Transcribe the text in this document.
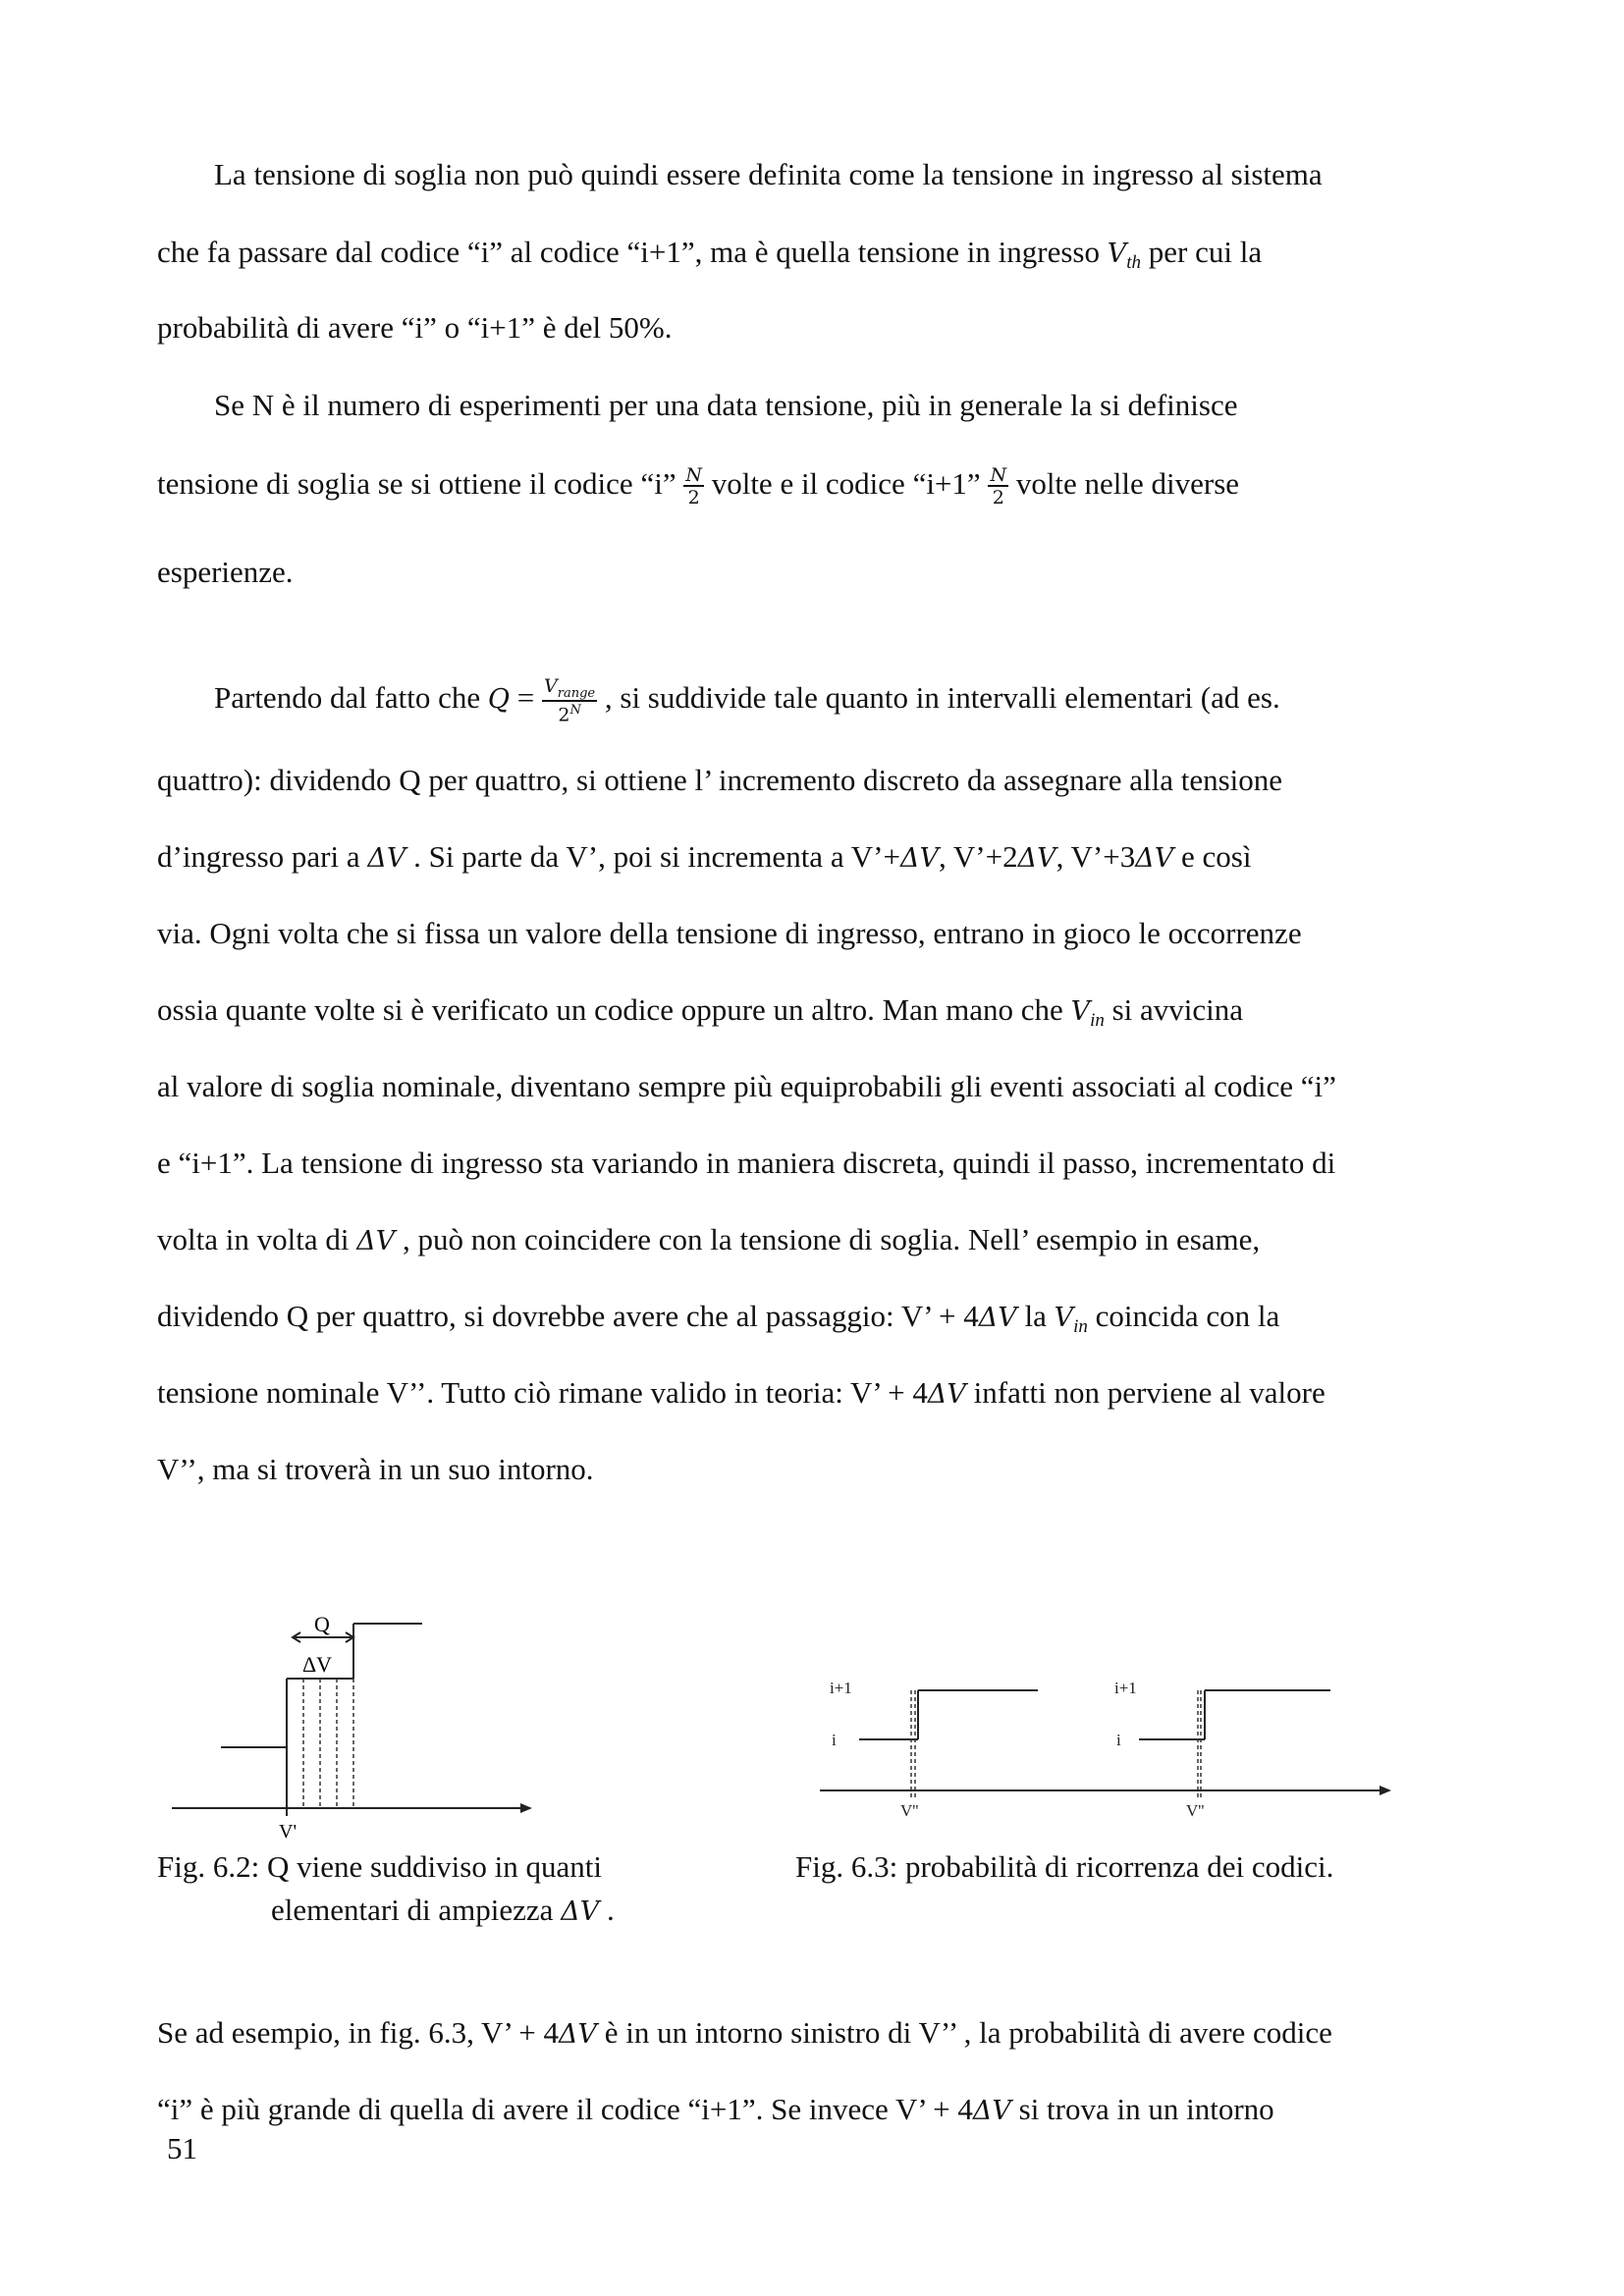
La tensione di soglia non può quindi essere definita come la tensione in ingresso al sistema
che fa passare dal codice “i” al codice “i+1”, ma è quella tensione in ingresso $V_{th}$ per cui la
probabilità di avere “i” o “i+1” è del 50%.
Se N è il numero di esperimenti per una data tensione, più in generale la si definisce
tensione di soglia se si ottiene il codice “i” $\frac{N}{2}$ volte e il codice “i+1” $\frac{N}{2}$ volte nelle diverse
esperienze.
Partendo dal fatto che $Q = \frac{V_{range}}{2^N}$ , si suddivide tale quanto in intervalli elementari (ad es.
quattro): dividendo Q per quattro, si ottiene l’ incremento discreto da assegnare alla tensione
d’ingresso pari a ΔV . Si parte da V’, poi si incrementa a V’+ΔV, V’+2ΔV, V’+3ΔV e così
via. Ogni volta che si fissa un valore della tensione di ingresso, entrano in gioco le occorrenze
ossia quante volte si è verificato un codice oppure un altro. Man mano che $V_{in}$ si avvicina
al valore di soglia nominale, diventano sempre più equiprobabili gli eventi associati al codice “i”
e “i+1”. La tensione di ingresso sta variando in maniera discreta, quindi il passo, incrementato di
volta in volta di ΔV , può non coincidere con la tensione di soglia. Nell’ esempio in esame,
dividendo Q per quattro, si dovrebbe avere che al passaggio: V’ + 4ΔV la $V_{in}$ coincida con la
tensione nominale V’’. Tutto ciò rimane valido in teoria: V’ + 4ΔV infatti non perviene al valore
V’’, ma si troverà in un suo intorno.
Q
ΔV
V'
Fig. 6.2: Q viene suddiviso in quanti
elementari di ampiezza ΔV .
i+1
i
V''
i+1
i
V''
Fig. 6.3: probabilità di ricorrenza dei codici.
Se ad esempio, in fig. 6.3, V’ + 4ΔV è in un intorno sinistro di V’’ , la probabilità di avere codice
“i” è più grande di quella di avere il codice “i+1”. Se invece V’ + 4ΔV si trova in un intorno
51
